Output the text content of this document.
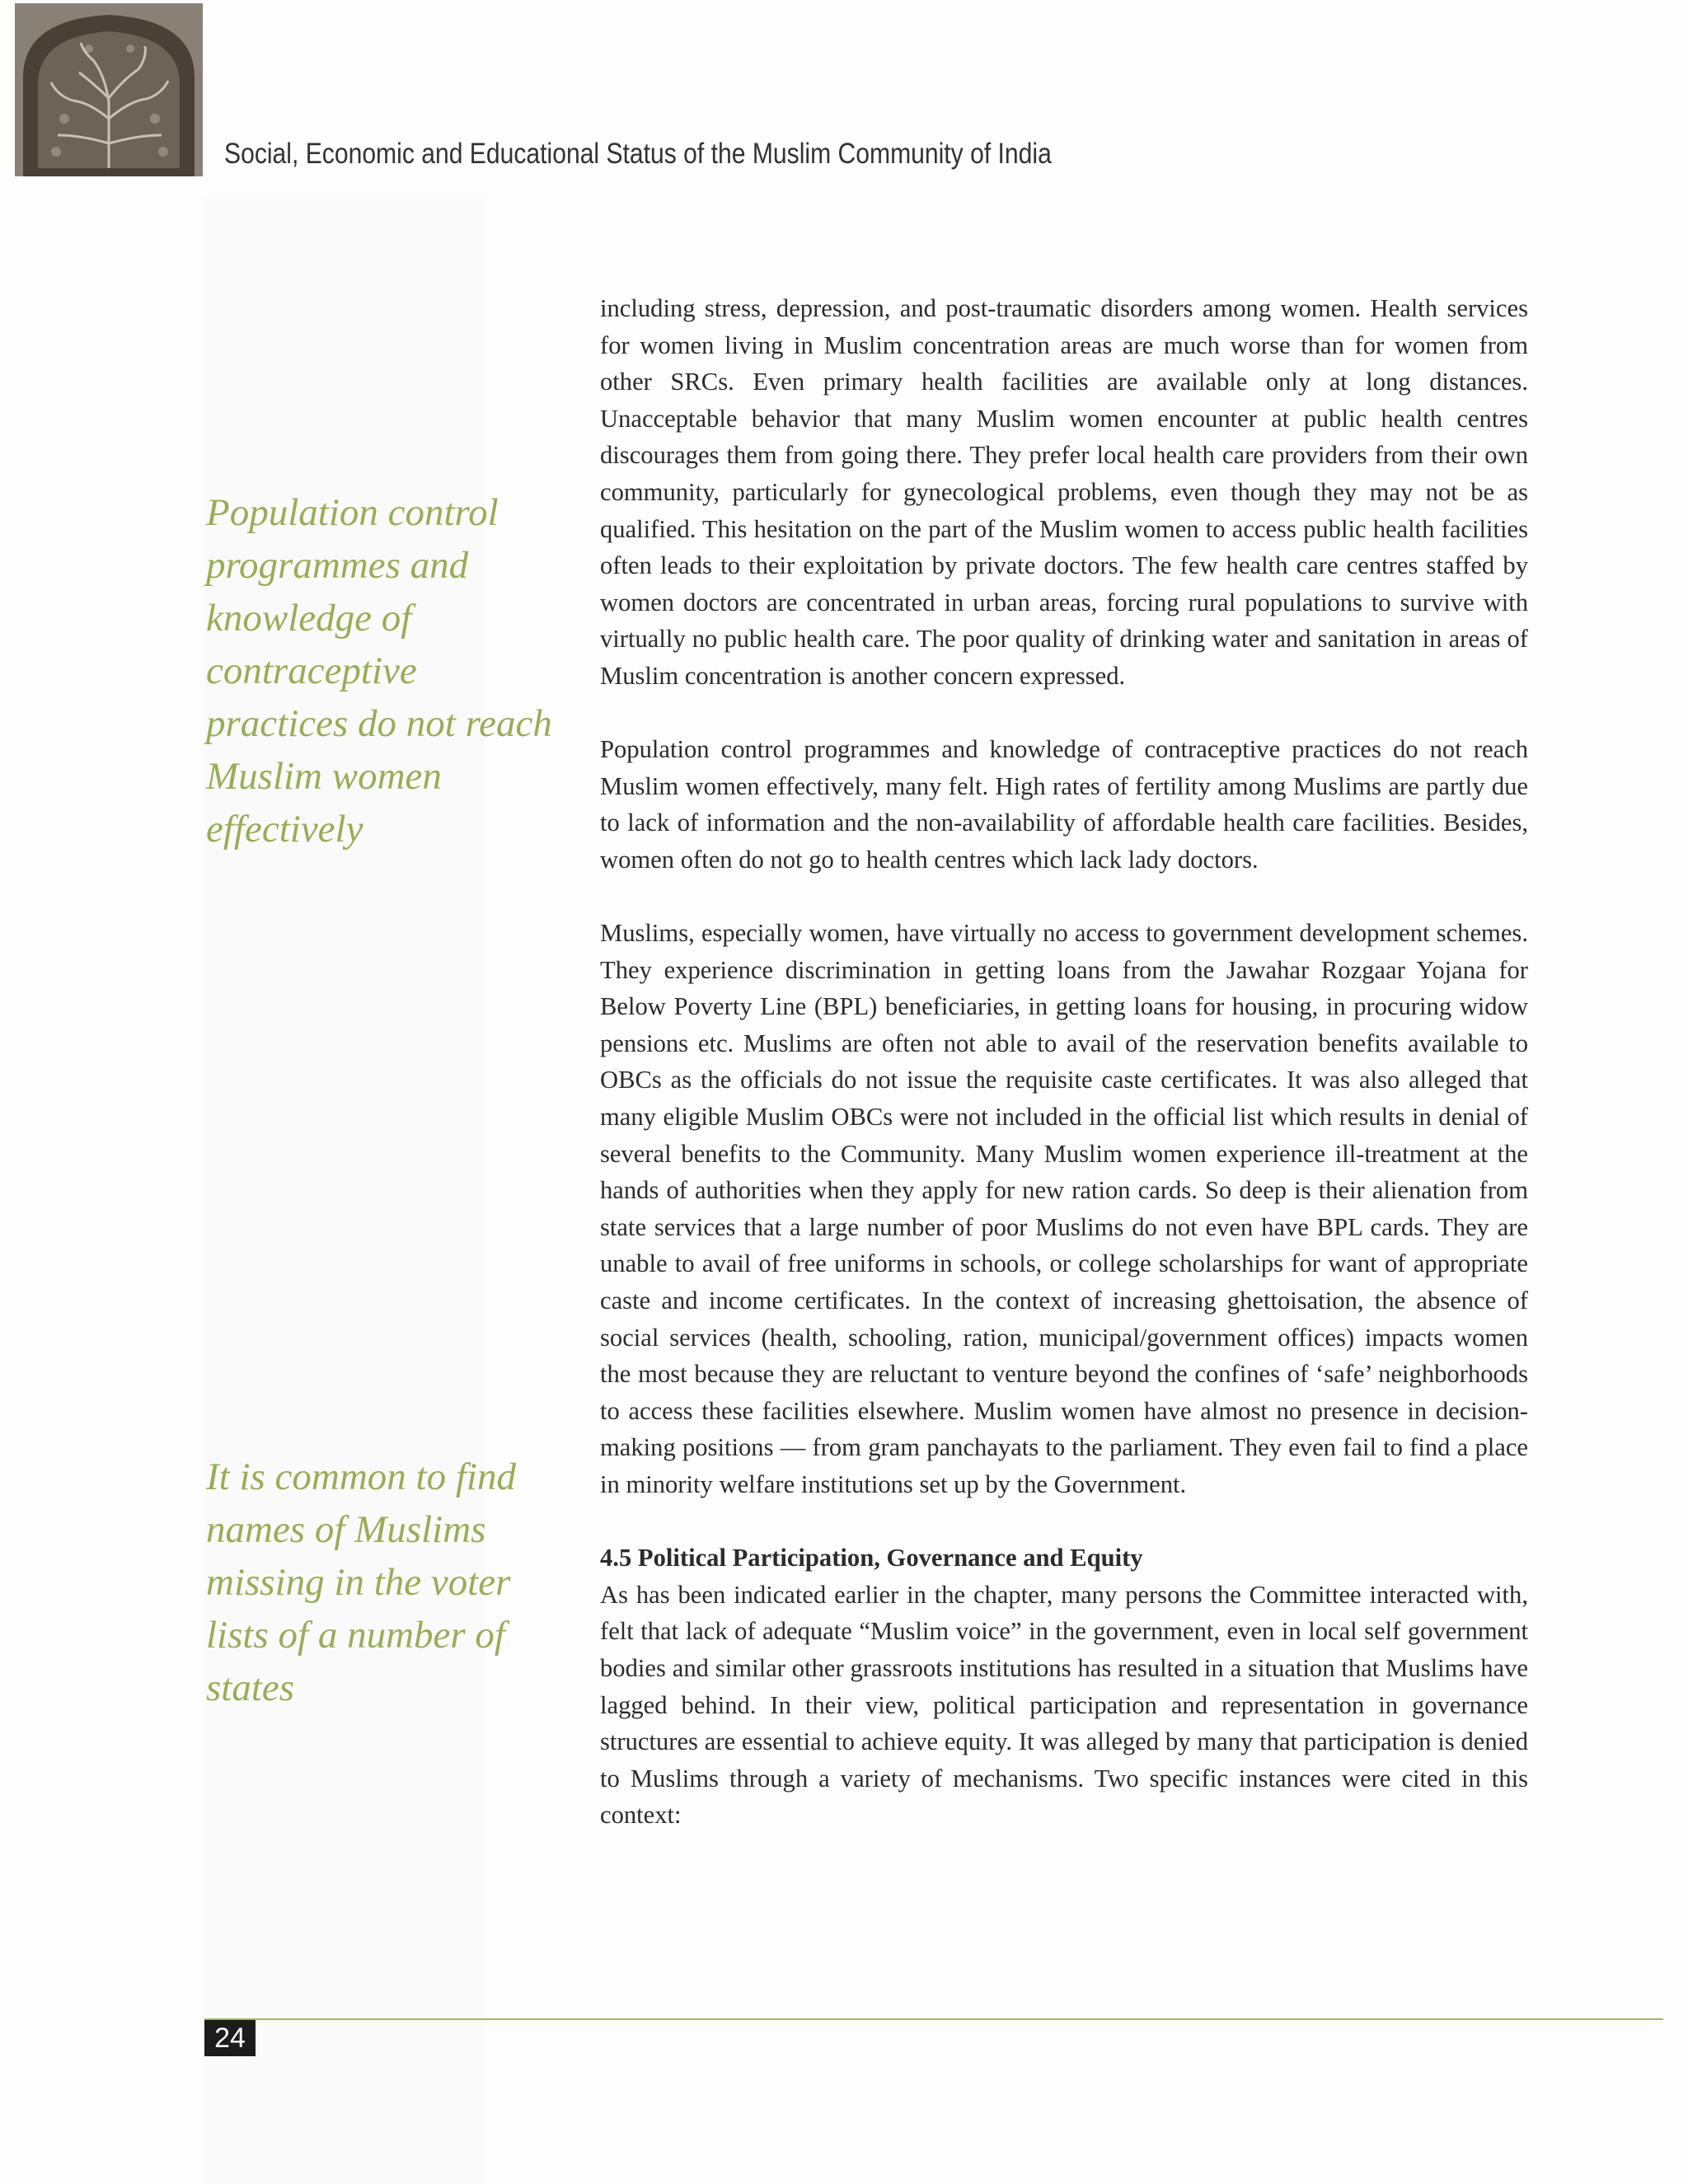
Social, Economic and Educational Status of the Muslim Community of India
Population control programmes and knowledge of contraceptive practices do not reach Muslim women effectively
It is common to find names of Muslims missing in the voter lists of a number of states

including stress, depression, and post-traumatic disorders among women. Health services for women living in Muslim concentration areas are much worse than for women from other SRCs. Even primary health facilities are available only at long distances. Unacceptable behavior that many Muslim women encounter at public health centres discourages them from going there. They prefer local health care providers from their own community, particularly for gynecological problems, even though they may not be as qualified. This hesitation on the part of the Muslim women to access public health facilities often leads to their exploitation by private doctors. The few health care centres staffed by women doctors are concentrated in urban areas, forcing rural populations to survive with virtually no public health care. The poor quality of drinking water and sanitation in areas of Muslim concentration is another concern expressed.

Population control programmes and knowledge of contraceptive practices do not reach Muslim women effectively, many felt. High rates of fertility among Muslims are partly due to lack of information and the non-availability of affordable health care facilities. Besides, women often do not go to health centres which lack lady doctors.

Muslims, especially women, have virtually no access to government development schemes. They experience discrimination in getting loans from the Jawahar Rozgaar Yojana for Below Poverty Line (BPL) beneficiaries, in getting loans for housing, in procuring widow pensions etc. Muslims are often not able to avail of the reservation benefits available to OBCs as the officials do not issue the requisite caste certificates. It was also alleged that many eligible Muslim OBCs were not included in the official list which results in denial of several benefits to the Community. Many Muslim women experience ill-treatment at the hands of authorities when they apply for new ration cards. So deep is their alienation from state services that a large number of poor Muslims do not even have BPL cards. They are unable to avail of free uniforms in schools, or college scholarships for want of appropriate caste and income certificates. In the context of increasing ghettoisation, the absence of social services (health, schooling, ration, municipal/government offices) impacts women the most because they are reluctant to venture beyond the confines of ‘safe’ neighborhoods to access these facilities elsewhere. Muslim women have almost no presence in decision-making positions — from gram panchayats to the parliament. They even fail to find a place in minority welfare institutions set up by the Government.

4.5 Political Participation, Governance and Equity

As has been indicated earlier in the chapter, many persons the Committee interacted with, felt that lack of adequate “Muslim voice” in the government, even in local self government bodies and similar other grassroots institutions has resulted in a situation that Muslims have lagged behind. In their view, political participation and representation in governance structures are essential to achieve equity. It was alleged by many that participation is denied to Muslims through a variety of mechanisms. Two specific instances were cited in this context:

24
